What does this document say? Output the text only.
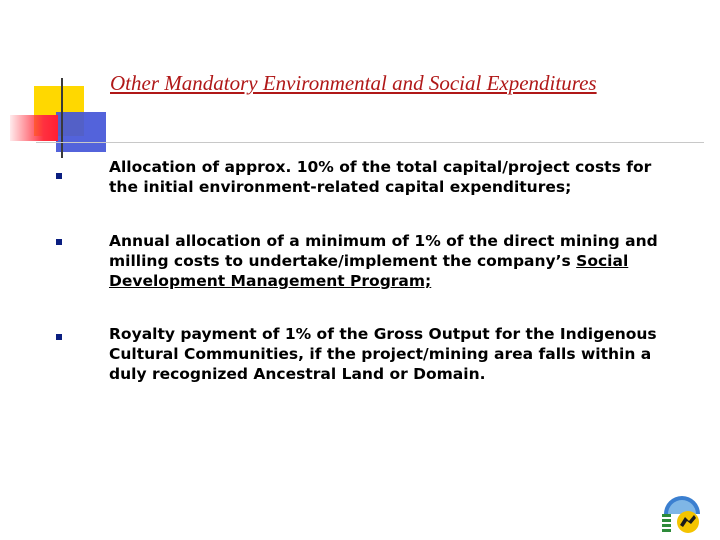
Other Mandatory Environmental and Social Expenditures
Allocation of approx. 10% of the total capital/project costs for the initial environment-related capital expenditures;
Annual allocation of a minimum of 1% of the direct mining and milling costs to undertake/implement the company’s Social Development Management Program;
Royalty payment of 1% of the Gross Output for the Indigenous Cultural Communities, if the project/mining area falls within a duly recognized Ancestral Land or Domain.
